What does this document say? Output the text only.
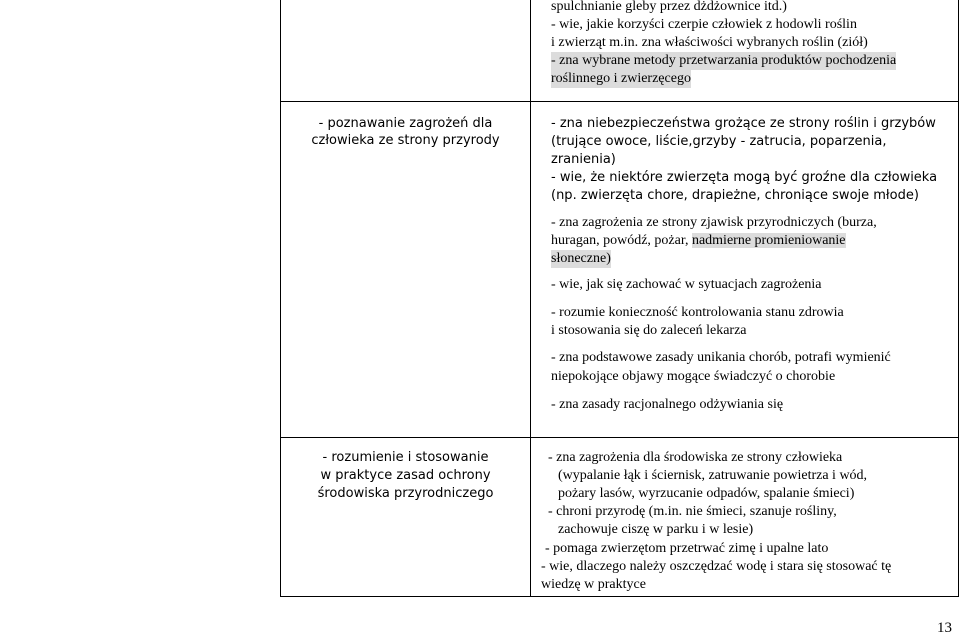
spulchnianie gleby przez dżdżownice itd.)
- wie, jakie korzyści czerpie człowiek z hodowli roślin
i zwierząt m.in. zna właściwości wybranych roślin (ziół)
- zna wybrane metody przetwarzania produktów pochodzenia
roślinnego i zwierzęcego
- poznawanie zagrożeń dla
człowieka ze strony przyrody
- zna niebezpieczeństwa grożące ze strony roślin i grzybów
(trujące owoce, liście,grzyby - zatrucia, poparzenia,
zranienia)
- wie, że niektóre zwierzęta mogą być groźne dla człowieka
(np. zwierzęta chore, drapieżne, chroniące swoje młode)
- zna zagrożenia ze strony zjawisk przyrodniczych (burza,
huragan, powódź, pożar, nadmierne promieniowanie
słoneczne)
- wie, jak się zachować w sytuacjach zagrożenia
- rozumie konieczność kontrolowania stanu zdrowia
i stosowania się do zaleceń lekarza
- zna podstawowe zasady unikania chorób, potrafi wymienić
niepokojące objawy mogące świadczyć o chorobie
- zna zasady racjonalnego odżywiania się
- rozumienie i stosowanie
w praktyce zasad ochrony
środowiska przyrodniczego
- zna zagrożenia dla środowiska ze strony człowieka
(wypalanie łąk i ściernisk, zatruwanie powietrza i wód,
pożary lasów, wyrzucanie odpadów, spalanie śmieci)
- chroni przyrodę (m.in. nie śmieci, szanuje rośliny,
zachowuje ciszę w parku i w lesie)
- pomaga zwierzętom przetrwać zimę i upalne lato
- wie, dlaczego należy oszczędzać wodę i stara się stosować tę
wiedzę w praktyce
13
